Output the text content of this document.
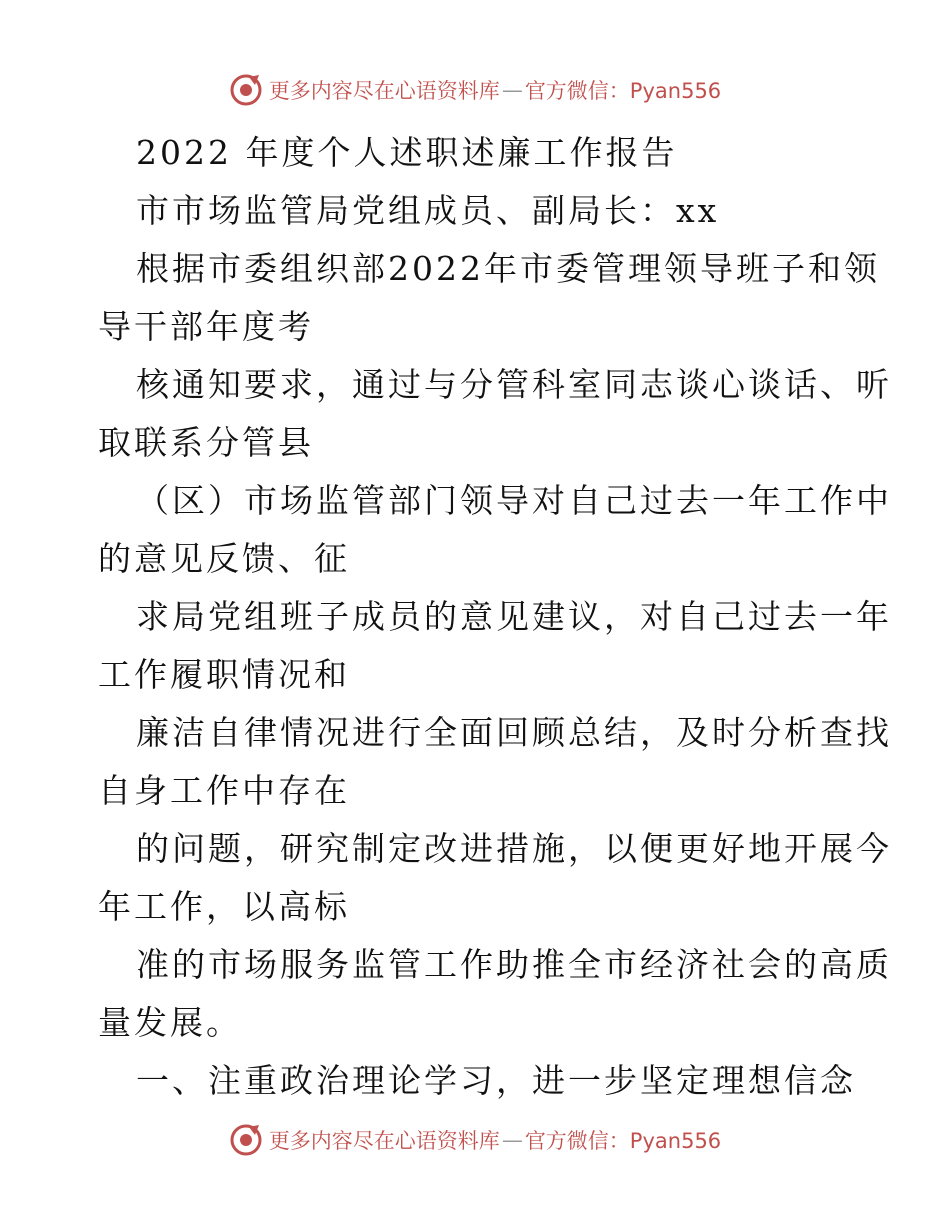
更多内容尽在心语资料库 — 官方微信：Pyan556
2022 年度个人述职述廉工作报告
市市场监管局党组成员、副局长：xx
根据市委组织部2022年市委管理领导班子和领
导干部年度考
核通知要求，通过与分管科室同志谈心谈话、听
取联系分管县
（区）市场监管部门领导对自己过去一年工作中
的意见反馈、征
求局党组班子成员的意见建议，对自己过去一年
工作履职情况和
廉洁自律情况进行全面回顾总结，及时分析查找
自身工作中存在
的问题，研究制定改进措施，以便更好地开展今
年工作，以高标
准的市场服务监管工作助推全市经济社会的高质
量发展。
一、注重政治理论学习，进一步坚定理想信念
更多内容尽在心语资料库 — 官方微信：Pyan556
